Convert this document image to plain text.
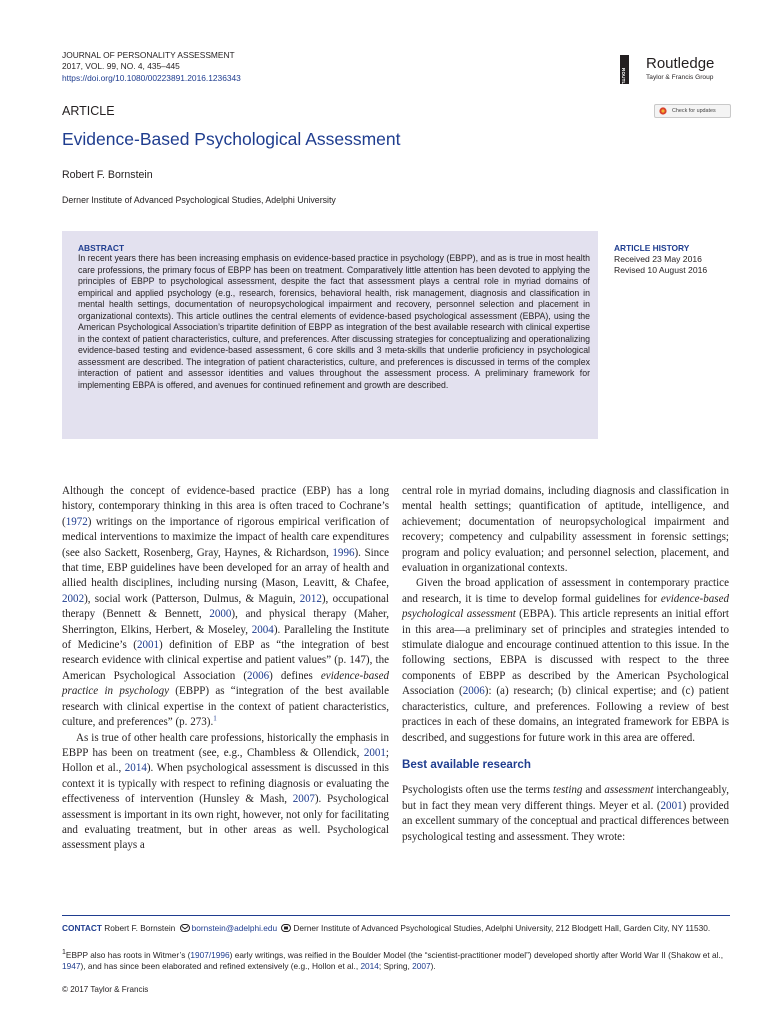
JOURNAL OF PERSONALITY ASSESSMENT
2017, VOL. 99, NO. 4, 435–445
https://doi.org/10.1080/00223891.2016.1236343	ROUTLEDGE
Routledge
Taylor & Francis Group
ARTICLE	Check for updates
Evidence-Based Psychological Assessment
Robert F. Bornstein
Derner Institute of Advanced Psychological Studies, Adelphi University
ABSTRACT
In recent years there has been increasing emphasis on evidence-based practice in psychology (EBPP), and as is true in most health care professions, the primary focus of EBPP has been on treatment. Comparatively little attention has been devoted to applying the principles of EBPP to psychological assessment, despite the fact that assessment plays a central role in myriad domains of empirical and applied psychology (e.g., research, forensics, behavioral health, risk management, diagnosis and classification in mental health settings, documentation of neuropsychological impairment and recovery, personnel selection and placement in organizational contexts). This article outlines the central elements of evidence-based psychological assessment (EBPA), using the American Psychological Association’s tripartite definition of EBPP as integration of the best available research with clinical expertise in the context of patient characteristics, culture, and preferences. After discussing strategies for conceptualizing and operationalizing evidence-based testing and evidence-based assessment, 6 core skills and 3 meta-skills that underlie proficiency in psychological assessment are described. The integration of patient characteristics, culture, and preferences is discussed in terms of the complex interaction of patient and assessor identities and values throughout the assessment process. A preliminary framework for implementing EBPA is offered, and avenues for continued refinement and growth are described.
ARTICLE HISTORY
Received 23 May 2016
Revised 10 August 2016

Although the concept of evidence-based practice (EBP) has a long history, contemporary thinking in this area is often traced to Cochrane’s (1972) writings on the importance of rigorous empirical verification of medical interventions to maximize the impact of health care expenditures (see also Sackett, Rosenberg, Gray, Haynes, & Richardson, 1996). Since that time, EBP guidelines have been developed for an array of health and allied health disciplines, including nursing (Mason, Leavitt, & Chafee, 2002), social work (Patterson, Dulmus, & Maguin, 2012), occupational therapy (Bennett & Bennett, 2000), and physical therapy (Maher, Sherrington, Elkins, Herbert, & Moseley, 2004). Paralleling the Institute of Medicine’s (2001) definition of EBP as “the integration of best research evidence with clinical expertise and patient values” (p. 147), the American Psychological Association (2006) defines evidence-based practice in psychology (EBPP) as “integration of the best available research with clinical expertise in the context of patient characteristics, culture, and preferences” (p. 273).$^1$

As is true of other health care professions, historically the emphasis in EBPP has been on treatment (see, e.g., Chambless & Ollendick, 2001; Hollon et al., 2014). When psychological assessment is discussed in this context it is typically with respect to refining diagnosis or evaluating the effectiveness of intervention (Hunsley & Mash, 2007). Psychological assessment is important in its own right, however, not only for facilitating and evaluating treatment, but in other areas as well. Psychological assessment plays a

central role in myriad domains, including diagnosis and classification in mental health settings; quantification of aptitude, intelligence, and achievement; documentation of neuropsychological impairment and recovery; competency and culpability assessment in forensic settings; program and policy evaluation; and personnel selection, placement, and evaluation in organizational contexts.

Given the broad application of assessment in contemporary practice and research, it is time to develop formal guidelines for evidence-based psychological assessment (EBPA). This article represents an initial effort in this area—a preliminary set of principles and strategies intended to stimulate dialogue and encourage continued attention to this issue. In the following sections, EBPA is discussed with respect to the three components of EBPP as described by the American Psychological Association (2006): (a) research; (b) clinical expertise; and (c) patient characteristics, culture, and preferences. Following a review of best practices in each of these domains, an integrated framework for EBPA is described, and suggestions for future work in this area are offered.

Best available research

Psychologists often use the terms testing and assessment interchangeably, but in fact they mean very different things. Meyer et al. (2001) provided an excellent summary of the conceptual and practical differences between psychological testing and assessment. They wrote:

CONTACT Robert F. Bornstein bornstein@adelphi.edu Derner Institute of Advanced Psychological Studies, Adelphi University, 212 Blodgett Hall, Garden City, NY 11530.
$^1$EBPP also has roots in Witmer’s (1907/1996) early writings, was reified in the Boulder Model (the “scientist-practitioner model”) developed shortly after World War II (Shakow et al., 1947), and has since been elaborated and refined extensively (e.g., Hollon et al., 2014; Spring, 2007).
© 2017 Taylor & Francis
